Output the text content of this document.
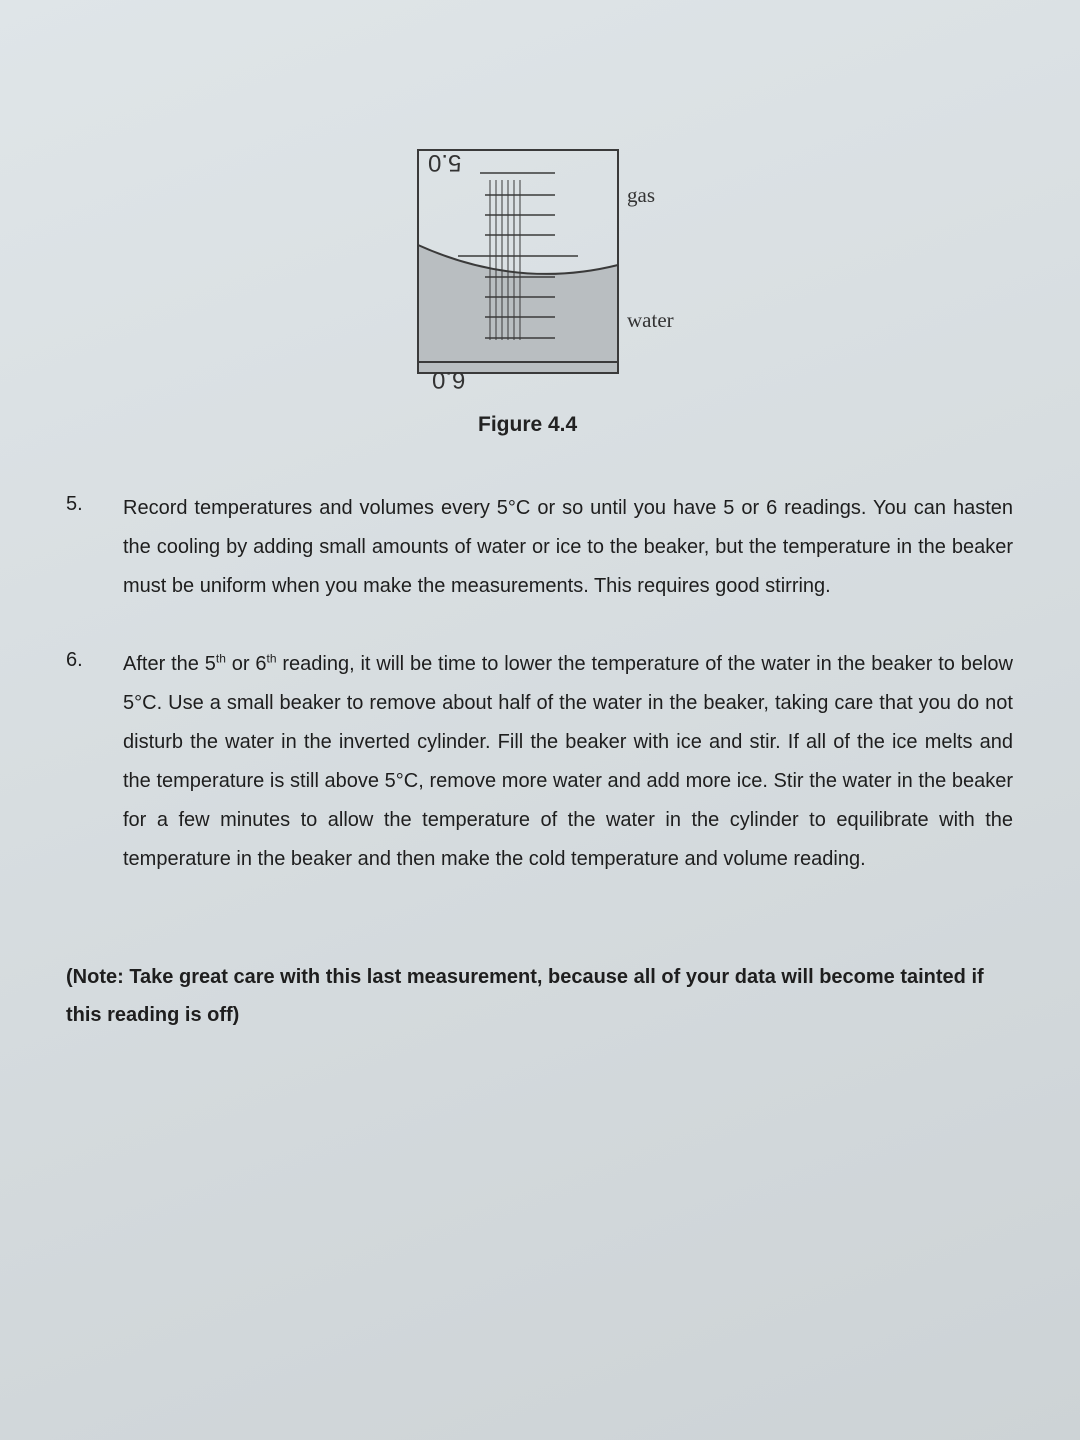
5.0
6.0
gas
water
Figure 4.4
5. Record temperatures and volumes every 5°C or so until you have 5 or 6 readings. You can hasten the cooling by adding small amounts of water or ice to the beaker, but the temperature in the beaker must be uniform when you make the measurements. This requires good stirring.
6. After the 5th or 6th reading, it will be time to lower the temperature of the water in the beaker to below 5°C. Use a small beaker to remove about half of the water in the beaker, taking care that you do not disturb the water in the inverted cylinder. Fill the beaker with ice and stir. If all of the ice melts and the temperature is still above 5°C, remove more water and add more ice. Stir the water in the beaker for a few minutes to allow the temperature of the water in the cylinder to equilibrate with the temperature in the beaker and then make the cold temperature and volume reading.
(Note: Take great care with this last measurement, because all of your data will become tainted if this reading is off)
